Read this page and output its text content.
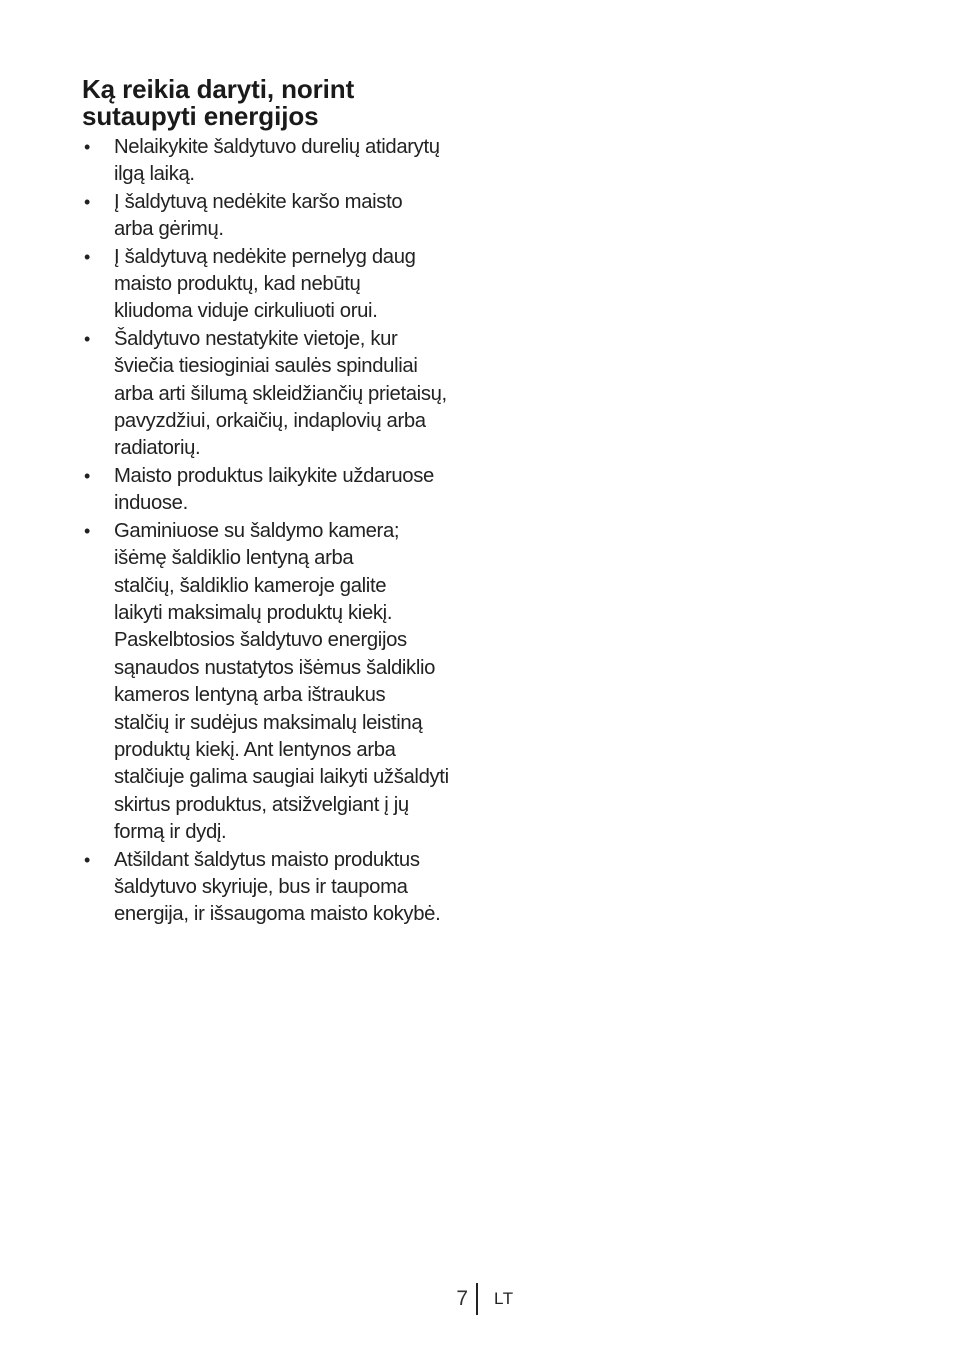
Ką reikia daryti, norint
sutaupyti energijos
• Nelaikykite šaldytuvo durelių atidarytų
ilgą laiką.
• Į šaldytuvą nedėkite karšo maisto
arba gėrimų.
• Į šaldytuvą nedėkite pernelyg daug
maisto produktų, kad nebūtų
kliudoma viduje cirkuliuoti orui.
• Šaldytuvo nestatykite vietoje, kur
šviečia tiesioginiai saulės spinduliai
arba arti šilumą skleidžiančių prietaisų,
pavyzdžiui, orkaičių, indaplovių arba
radiatorių.
• Maisto produktus laikykite uždaruose
induose.
• Gaminiuose su šaldymo kamera;
išėmę šaldiklio lentyną arba
stalčių, šaldiklio kameroje galite
laikyti maksimalų produktų kiekį.
Paskelbtosios šaldytuvo energijos
sąnaudos nustatytos išėmus šaldiklio
kameros lentyną arba ištraukus
stalčių ir sudėjus maksimalų leistiną
produktų kiekį. Ant lentynos arba
stalčiuje galima saugiai laikyti užšaldyti
skirtus produktus, atsižvelgiant į jų
formą ir dydį.
• Atšildant šaldytus maisto produktus
šaldytuvo skyriuje, bus ir taupoma
energija, ir išsaugoma maisto kokybė.
7 LT
